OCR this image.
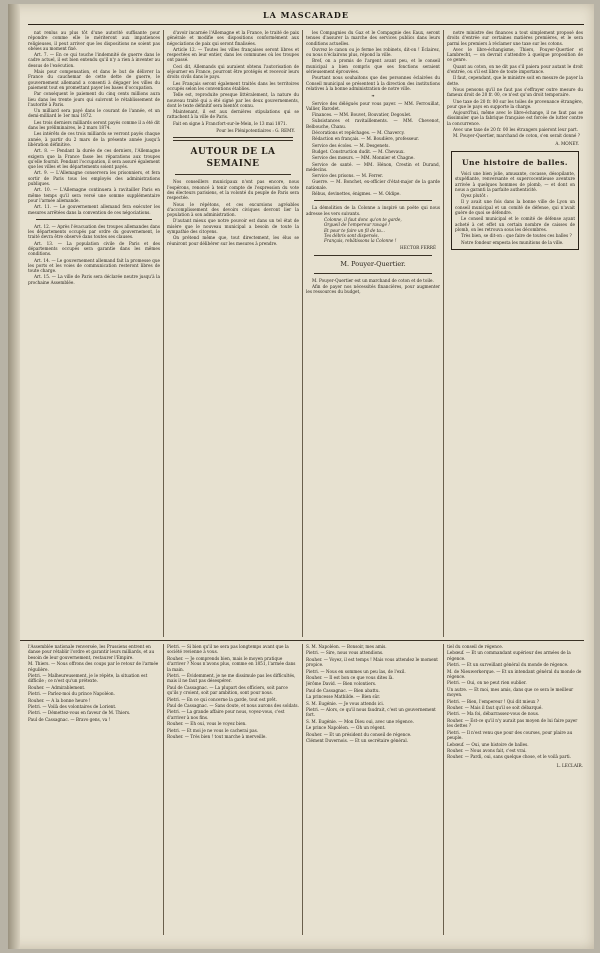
LA MASCARADE

nat renlus au plus tôt d'une autorité suffisante pour répondre comme elle le mériteront aux impatiences religieuses, il peut arriver que les dispositions ne soient pas obéies au moment fixé.

Art. 7. — En ce qui touche l'indemnité de guerre dans le cadre actuel, il est bien entendu qu'il n'y a rien à inventer au dessus de l'exécution.

Mais pour compensation, et dans le but de délivrer la France du cauchemar de cette dette de guerre, le gouvernement allemand a consenti à dégager les villes du paiement tout en promettant payer les bases d'occupation.

Par conséquent le paiement du cinq cents millions aura lieu dans les trente jours qui suivront le rétablissement de l'autorité à Paris.

Un milliard sera payé dans le courant de l'année, et un demi-milliard le 1er mai 1872.

Les trois derniers milliards seront payés comme il a été dit dans les préliminaires, le 2 mars 1874.

Les intérêts de ces trois milliards se verront payés chaque année, à partir du 2 mars de la présente année jusqu'à libération définitive.

Art. 8. — Pendant la durée de ces derniers, l'Allemagne exigera que la France fasse les réparations aux troupes qu'elle fournit. Pendant l'occupation, il sera assuré également que les villes et les départements soient payés.

Art. 9. — L'Allemagne conservera les prisonniers, et fera sortir de Paris tous les employés des administrations publiques.

Art. 10. — L'Allemagne continuera à ravitailler Paris en même temps qu'il sera versé une somme supplémentaire pour l'armée allemande.

Art. 11. — Le gouvernement allemand fera exécuter les mesures arrêtées dans la convention de ces négociations.

Art. 12. — Après l'évacuation des troupes allemandes dans les départements occupés par ordre du gouvernement, le traité devra être observé dans toutes ses clauses.

Art. 13. — La population civile de Paris et des départements occupés sera garantie dans les mêmes conditions.

Art. 14. — Le gouvernement allemand fait la promesse que les ports et les voies de communication resteront libres de toute charge.

Art. 15. — La ville de Paris sera déclarée neutre jusqu'à la prochaine Assemblée.

d'avoir incarnée l'Allemagne et la France, le traité de paix générale et modifie ses dispositions conformément aux négociations de paix qui seront finalisées.

Article 12. — Toutes les villes françaises seront libres et respectées en leur entier, dans les communes où les troupes ont passé.

Ceci dit, Allemands qui auraient obtenu l'autorisation de séjourner en France, pourront être protégés et recevoir leurs droits civils dans le pays.

Les Français seront également traités dans les territoires occupés selon les conventions établies.

Telle est, reproduite presque littéralement, la nature du nouveau traité qui a été signé par les deux gouvernements, dont le texte définitif sera bientôt connu.

Maintenant, il est aux dernières stipulations qui se rattachent à la ville de Paris.

Fait en signe à Francfort-sur-le-Mein, le 13 mai 1871.

Pour les Plénipotentiaires : G. REMY.
AUTOUR DE LA SEMAINE

Nos conseillers municipaux n'ont pas encore, nous l'espérons, renoncé à tenir compte de l'expression du vote des électeurs parisiens, et la volonté du peuple de Paris sera respectée.

Nous le répétons, et ces excursions agréables d'accomplissement des devoirs civiques devront lier la population à son administration.

D'autant mieux que notre pouvoir est dans un tel état de misère que le nouveau municipal a besoin de toute la sympathie des citoyens.

On prétend même que, tout directement, les élus se réuniront pour délibérer sur les mesures à prendre.

les Compagnies du Gaz et le Compagnie des Eaux, seront tenues d'assurer la marche des services publics dans leurs conditions actuelles.

Ouvrez le canon ou je ferme les robinets, dit-on ! Éclairez, ou nous n'éclairons plus, répond la ville.

Bref, on a promis de l'argent avant peu, et le conseil municipal a bien compris que ses fonctions seraient sérieusement éprouvées.

Pourtant nous souhaitons que des personnes éclairées du Conseil municipal se présentent à la direction des institutions relatives à la bonne administration de notre ville.

❧

Service des délégués pour vous payer. — MM. Ferrouillat, Vallier, Barodet.

Finances. — MM. Bouvet, Bouvatier, Degoulet.

Subsistances et ravitaillements. — MM. Chevenot, Belbouche, Chanu.

Décorations et repêchages. — M. Chavercy.

Rédaction en français. — M. Boudière, professeur.

Service des écoles. — M. Desgenets.

Budget. Construction dudit. — M. Chevaux.

Service des mœurs. — MM. Monnier et Chagne.

Service de santé. — MM. Hénon, Crestin et Durand, médecins.

Service des prisons. — M. Ferrer.

Guerre. — M. Bonchet, ex-officier d'état-major de la garde nationale.

Rébus, devinettes, énigmes. — M. Oldipe.

La démolition de la Colonne a inspiré un poète qui nous adresse les vers suivants.

Colonne, il faut donc qu'on te garde,
Orgueil de l'empereur ravagé !
Et pour te faire un fil de ta...
Tes débris sont dispersés.
Français, rebâtissons la Colonne !
HECTOR FERRÉ
M. Pouyer-Quertier.

M. Pouyer-Quertier est un marchand de coton et de toile.

Afin de payer nos nécessités financières, pour augmenter les ressources du budget,

notre ministre des finances a tout simplement proposé des droits d'entrée sur certaines matières premières, et le sera parmi les premiers à réclamer une taxe sur les cotons.

Avec le libre-échangisme, Thiers, Pouyer-Quertier et Lambrecht, — on devrait s'attendre à quelque proposition de ce genre.

Quant au coton, on ne dit pas s'il paiera pour autant le droit d'entrée, ou s'il est libre de toute importance.

Il faut, cependant, que le ministre soit en mesure de payer la dette.

Nous pensons qu'il ne faut pas s'effrayer outre mesure du fameux droit de 20 fr. 00, ce n'est qu'un droit temporaire.

Une taxe de 20 fr. 00 sur les toiles de provenance étrangère, pour que le pays en supporte la charge.

Aujourd'hui, même avec le libre-échange, il ne faut pas se dissimuler que la fabrique française est forcée de lutter contre la concurrence.

Avec une taxe de 20 fr. 00 les étrangers paieront leur part.

M. Pouyer-Quertier, marchand de coton, s'en serait donné ?

A. MONEY.
Une histoire de balles.

Voici une bien jolie, amusante, cocasse, désopilante, stupéfiante, renversante et supercocentieuse aventure arrivée à quelques hommes de plomb, — et dont on nous a garanti la parfaite authenticité.

Oyez plutôt :

Il y avait une fois dans la bonne ville de Lyon un conseil municipal et un comité de défense, qui n'avait guère de quoi se défendre.

Le conseil municipal et le comité de défense ayant acheté à cet effet un certain nombre de caisses de plomb, on les retrouva sous les décombres.

Très bien, se dit-on : que faire de toutes ces balles ?

Notre fondeur empesta les munitions de la ville.

l'Assemblée nationale renversée, les Prussiens entrent en danse pour rétablir l'ordre et garantir leurs milliards, et au besoin de leur gouvernement, restaurer l'Empire.

M. Thiers. — Nous offrons des coups par le retour de l'armée régulière.

Pietri. — Malheureusement, je le répète, la situation est difficile ; ce n'est qu'un prétexte.

Rouher. — Admirablement.

Pietri. — Parlez-moi du prince Napoléon.

Rouher. — A la bonne heure !

Pietri. — Voilà des volontaires de Lorient.

Pietri. — Démettez-vous en faveur de M. Thiers.

Paul de Cassagnac. — Bravo gens, va !

Pietri. — Si bien qu'il ne sera pas longtemps avant que la société revienne à vous.

Rouher. — Je comprends bien, mais le moyen pratique d'arriver ? Nous n'avons plus, comme en 1851, l'armée dans la main.

Pietri. — Évidemment, je ne me dissimule pas les difficultés, mais il ne faut pas désespérer.

Paul de Cassagnac. — La plupart des officiers, soit parce qu'ils y croient, soit par ambition, sont pour nous.

Pietri. — En ce qui concerne la garde, tout est prêt.

Paul de Cassagnac. — Sans doute, et nous aurons des soldats.

Pietri. — La grande affaire pour nous, voyez-vous, c'est d'arriver à nos fins.

Rouher. — Eh oui, vous le voyez bien.

Pietri. — Et moi je ne vous le cacherai pas.

Rouher. — Très bien ! tout marche à merveille.

S. M. Napoléon. — Bonsoir, mes amis.

Pietri. — Sire, nous vous attendions.

Rouher. — Voyez, il est temps ! Mais vous attendez le moment propice.

Pietri. — Nous en sommes un peu las, de l'exil.

Rouher. — Il est bon ce que vous dites là.

Jérôme David. — Bien volontiers.

Paul de Cassagnac. — Bien abattu.

La princesse Mathilde. — Bien sûr.

S. M. Eugénie. — Je vous attends ici.

Pietri. — Alors, ce qu'il nous faudrait, c'est un gouvernement fort.

S. M. Eugénie. — Mon Dieu oui, avec une régence.

Le prince Napoléon. — Oh un régent.

Rouher. — Et un président du conseil de régence.

Clément Duvernois. — Et un secrétaire général.

tiel du conseil de régence.

Lebœuf. — Et un commandant supérieur des armées de la régence.

Pietri. — Et un surveillant général du monde de régence.

M. de Nieuwerkerque. — Et un intendant général du monde de régence.

Pietri. — Oui, on ne peut rien oublier.

Un autre. — Et moi, mes amis, dans que ce sera le meilleur moyen.

Pietri. — Bien, l'empereur ! Qui dit mieux ?

Rouher. — Mais il faut qu'il se soit débarqué.

Pietri. — Ma foi, débarrassez-vous de nous.

Rouher. — Est-ce qu'il n'y aurait pas moyen de lui faire payer les dettes ?

Pietri. — Il n'est venu que pour des courses, pour plaire au peuple.

Lebœuf. — Oui, une histoire de balles.

Rouher. — Nous avons fait, c'est vrai.

Rouher. — Pardi, oui, sans quelque chose, et le voilà parti.

L. LECLAIR.
